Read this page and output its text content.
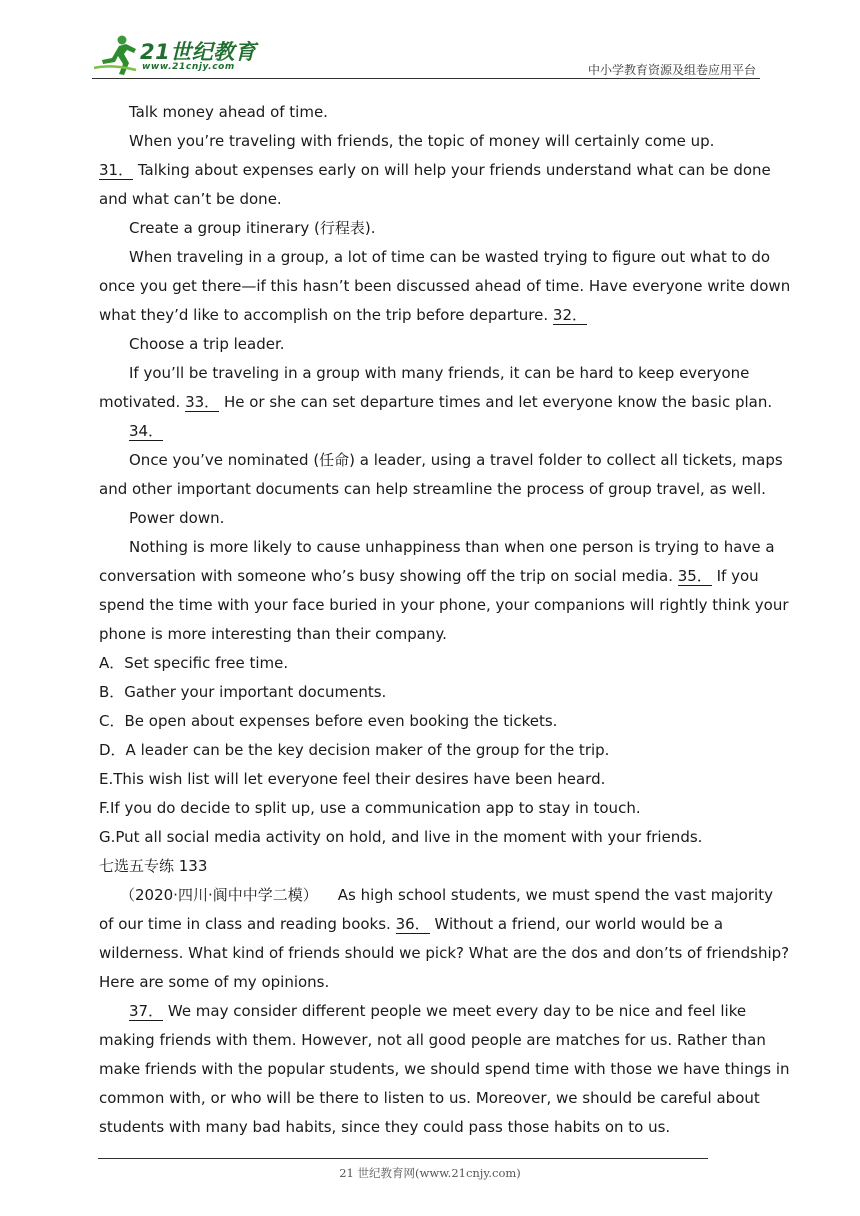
21世纪教育
www.21cnjy.com	中小学教育资源及组卷应用平台
Talk money ahead of time.
When you’re traveling with friends, the topic of money will certainly come up.
31． Talking about expenses early on will help your friends understand what can be done
and what can’t be done.
Create a group itinerary (行程表).
When traveling in a group, a lot of time can be wasted trying to figure out what to do
once you get there—if this hasn’t been discussed ahead of time. Have everyone write down
what they’d like to accomplish on the trip before departure. 32．
Choose a trip leader.
If you’ll be traveling in a group with many friends, it can be hard to keep everyone
motivated. 33． He or she can set departure times and let everyone know the basic plan.
34．
Once you’ve nominated (任命) a leader, using a travel folder to collect all tickets, maps
and other important documents can help streamline the process of group travel, as well.
Power down.
Nothing is more likely to cause unhappiness than when one person is trying to have a
conversation with someone who’s busy showing off the trip on social media. 35． If you
spend the time with your face buried in your phone, your companions will rightly think your
phone is more interesting than their company.
A．Set specific free time.
B．Gather your important documents.
C．Be open about expenses before even booking the tickets.
D．A leader can be the key decision maker of the group for the trip.
E.This wish list will let everyone feel their desires have been heard.
F.If you do decide to split up, use a communication app to stay in touch.
G.Put all social media activity on hold, and live in the moment with your friends.
七选五专练 133
（2020·四川·阆中中学二模） As high school students, we must spend the vast majority
of our time in class and reading books. 36． Without a friend, our world would be a
wilderness. What kind of friends should we pick? What are the dos and don’ts of friendship?
Here are some of my opinions.
37． We may consider different people we meet every day to be nice and feel like
making friends with them. However, not all good people are matches for us. Rather than
make friends with the popular students, we should spend time with those we have things in
common with, or who will be there to listen to us. Moreover, we should be careful about
students with many bad habits, since they could pass those habits on to us.
21 世纪教育网(www.21cnjy.com)
